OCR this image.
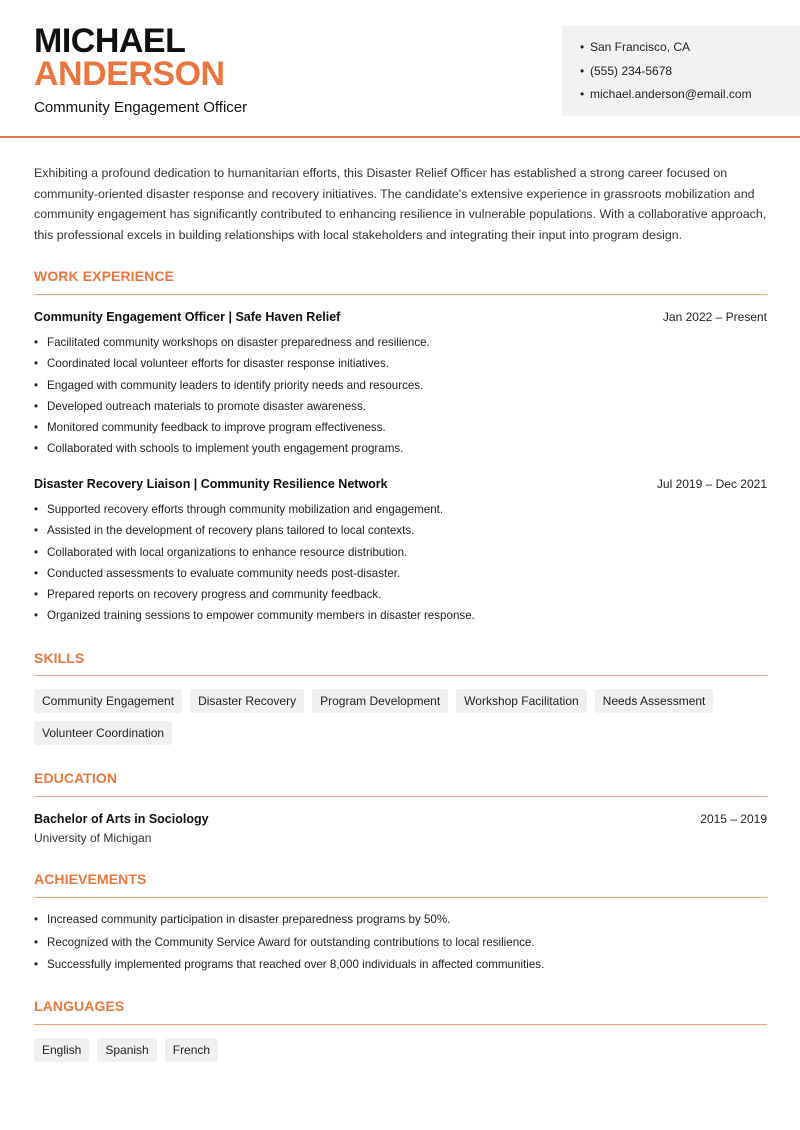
MICHAEL
ANDERSON
Community Engagement Officer
• San Francisco, CA
• (555) 234-5678
• michael.anderson@email.com

Exhibiting a profound dedication to humanitarian efforts, this Disaster Relief Officer has established a strong career focused on community-oriented disaster response and recovery initiatives. The candidate's extensive experience in grassroots mobilization and community engagement has significantly contributed to enhancing resilience in vulnerable populations. With a collaborative approach, this professional excels in building relationships with local stakeholders and integrating their input into program design.

WORK EXPERIENCE
Community Engagement Officer | Safe Haven Relief	Jan 2022 – Present
• Facilitated community workshops on disaster preparedness and resilience.
• Coordinated local volunteer efforts for disaster response initiatives.
• Engaged with community leaders to identify priority needs and resources.
• Developed outreach materials to promote disaster awareness.
• Monitored community feedback to improve program effectiveness.
• Collaborated with schools to implement youth engagement programs.
Disaster Recovery Liaison | Community Resilience Network	Jul 2019 – Dec 2021
• Supported recovery efforts through community mobilization and engagement.
• Assisted in the development of recovery plans tailored to local contexts.
• Collaborated with local organizations to enhance resource distribution.
• Conducted assessments to evaluate community needs post-disaster.
• Prepared reports on recovery progress and community feedback.
• Organized training sessions to empower community members in disaster response.
SKILLS
Community Engagement	Disaster Recovery	Program Development	Workshop Facilitation	Needs Assessment
Volunteer Coordination
EDUCATION
Bachelor of Arts in Sociology	2015 – 2019
University of Michigan
ACHIEVEMENTS
• Increased community participation in disaster preparedness programs by 50%.
• Recognized with the Community Service Award for outstanding contributions to local resilience.
• Successfully implemented programs that reached over 8,000 individuals in affected communities.
LANGUAGES
English	Spanish	French
